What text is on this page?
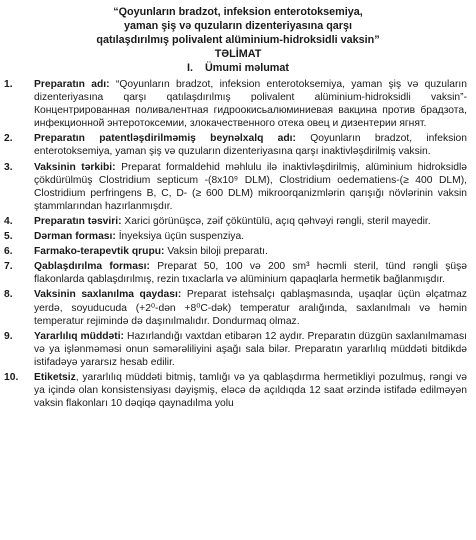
“Qoyunların bradzot, infeksion enterotoksemiya,
yaman şiş və quzuların dizenteriyasına qarşı
qatılaşdırılmış polivalent alüminium-hidroksidli vaksin”
TƏLİMAT
I.    Ümumi məlumat
1.	Preparatın adı: “Qoyunların bradzot, infeksion enterotoksemiya, yaman şiş və quzuların dizenteriyasına qarşı qatılaşdırılmış polivalent alüminium-hidroksidli vaksin”- Концентрированная поливалентная гидроокисьалюминиевая вакцина против брадзота, инфекционной энтеротоксемии, злокачественного отека овец и дизентерии ягнят.
2.	Preparatın patentləşdirilməmiş beynəlxalq adı: Qoyunların bradzot, infeksion enterotoksemiya, yaman şiş və quzuların dizenteriyasına qarşı inaktivləşdirilmiş vaksin.
3.	Vaksinin tərkibi: Preparat formaldehid məhlulu ilə inaktivləşdirilmiş, alüminium hidroksidlə çökdürülmüş Clostridium septicum -(8x10⁹ DLM), Clostridium oedematiens-(≥ 400 DLM), Clostridium perfringens B, C, D- (≥ 600 DLM) mikroorqanizmlərin qarışığı növlərinin vaksin ştammlarından hazırlanmışdır.
4.	Preparatın təsviri: Xarici görünüşcə, zəif çöküntülü, açıq qəhvəyi rəngli, steril mayedir.
5.	Dərman forması: İnyeksiya üçün suspenziya.
6.	Farmako-terapevtik qrupu: Vaksin biloji preparatı.
7.	Qablaşdırılma forması: Preparat 50, 100 və 200 sm³ həcmli steril, tünd rəngli şüşə flakonlarda qablaşdırılmış, rezin tıxaclarla və alüminium qapaqlarla hermetik bağlanmışdır.
8.	Vaksinin saxlanılma qaydası: Preparat istehsalçı qablaşmasında, uşaqlar üçün əlçatmaz yerdə, soyuducuda (+2⁰-dən +8⁰C-dək) temperatur aralığında, saxlanılmalı və həmin temperatur rejimində də daşınılmalıdır. Dondurmaq olmaz.
9.	Yararlılıq müddəti: Hazırlandığı vaxtdan etibarən 12 aydır. Preparatın düzgün saxlanılmaması və ya işlənməməsi onun səmərəliliyini aşağı sala bilər. Preparatın yararlılıq müddəti bitdikdə istifadəyə yararsız hesab edilir.
10.	Etiketsiz, yararlılıq müddəti bitmiş, tamlığı və ya qablaşdırma hermetikliyi pozulmuş, rəngi və ya içində olan konsistensiyası dəyişmiş, eləcə də açıldıqda 12 saat ərzində istifadə edilməyən vaksin flakonları 10 dəqiqə qaynadılma yolu
